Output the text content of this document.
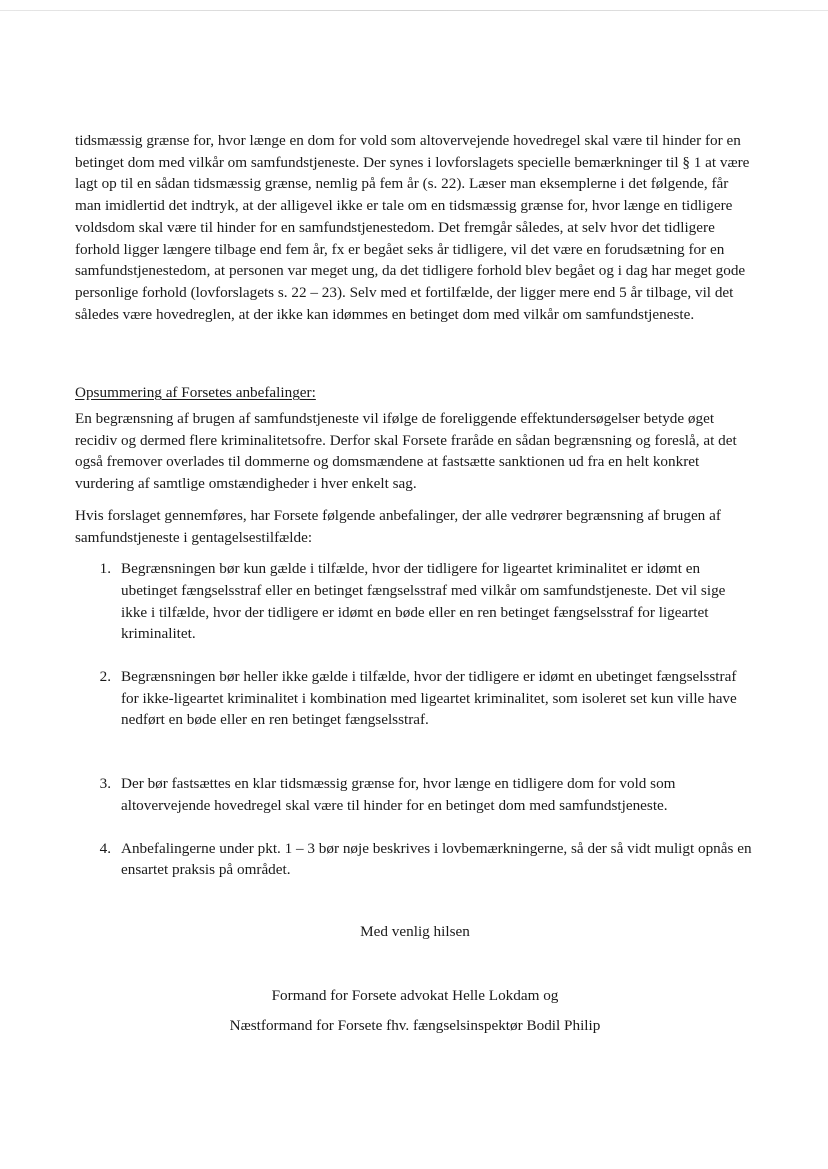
tidsmæssig grænse for, hvor længe en dom for vold som altovervejende hovedregel skal være til hinder for en betinget dom med vilkår om samfundstjeneste. Der synes i lovforslagets specielle bemærkninger til § 1 at være lagt op til en sådan tidsmæssig grænse, nemlig på fem år (s. 22). Læser man eksemplerne i det følgende, får man imidlertid det indtryk, at der alligevel ikke er tale om en tidsmæssig grænse for, hvor længe en tidligere voldsdom skal være til hinder for en samfundstjenestedom. Det fremgår således, at selv hvor det tidligere forhold ligger længere tilbage end fem år, fx er begået seks år tidligere, vil det være en forudsætning for en samfundstjenestedom, at personen var meget ung, da det tidligere forhold blev begået og i dag har meget gode personlige forhold (lovforslagets s. 22 – 23). Selv med et fortilfælde, der ligger mere end 5 år tilbage, vil det således være hovedreglen, at der ikke kan idømmes en betinget dom med vilkår om samfundstjeneste.

Opsummering af Forsetes anbefalinger:

En begrænsning af brugen af samfundstjeneste vil ifølge de foreliggende effektundersøgelser betyde øget recidiv og dermed flere kriminalitetsofre. Derfor skal Forsete fraråde en sådan begrænsning og foreslå, at det også fremover overlades til dommerne og domsmændene at fastsætte sanktionen ud fra en helt konkret vurdering af samtlige omstændigheder i hver enkelt sag.

Hvis forslaget gennemføres, har Forsete følgende anbefalinger, der alle vedrører begrænsning af brugen af samfundstjeneste i gentagelsestilfælde:

1. Begrænsningen bør kun gælde i tilfælde, hvor der tidligere for ligeartet kriminalitet er idømt en ubetinget fængselsstraf eller en betinget fængselsstraf med vilkår om samfundstjeneste. Det vil sige ikke i tilfælde, hvor der tidligere er idømt en bøde eller en ren betinget fængselsstraf for ligeartet kriminalitet.
2. Begrænsningen bør heller ikke gælde i tilfælde, hvor der tidligere er idømt en ubetinget fængselsstraf for ikke-ligeartet kriminalitet i kombination med ligeartet kriminalitet, som isoleret set kun ville have nedført en bøde eller en ren betinget fængselsstraf.
3. Der bør fastsættes en klar tidsmæssig grænse for, hvor længe en tidligere dom for vold som altovervejende hovedregel skal være til hinder for en betinget dom med samfundstjeneste.
4. Anbefalingerne under pkt. 1 – 3 bør nøje beskrives i lovbemærkningerne, så der så vidt muligt opnås en ensartet praksis på området.

Med venlig hilsen

Formand for Forsete advokat Helle Lokdam og

Næstformand for Forsete fhv. fængselsinspektør Bodil Philip
